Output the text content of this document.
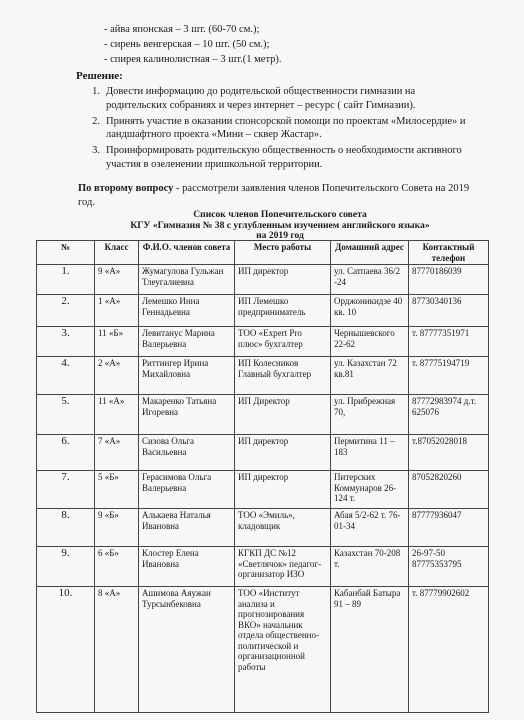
- айва японская – 3 шт. (60-70 см.);
- сирень венгерская – 10 шт. (50 см.);
- спирея калинолистная – 3 шт.(1 метр).
Решение:
1. Довести информацию до родительской общественности гимназии на родительских собраниях и через интернет – ресурс ( сайт Гимназии).
2. Принять участие в оказании спонсорской помощи по проектам «Милосердие» и ландшафтного проекта «Мини – сквер Жастар».
3. Проинформировать родительскую общественность о необходимости активного участия в озеленении пришкольной территории.
По второму вопросу - рассмотрели заявления членов Попечительского Совета на 2019 год.
Список членов Попечительского совета
КГУ «Гимназия № 38 с углубленным изучением английского языка»
на 2019 год
№	Класс	Ф.И.О. членов совета	Место работы	Домашний адрес	Контактный телефон
1.	9 «А»	Жумагулова Гульжан Тлеугалиевна	ИП директор	ул. Сатпаева 36/2 -24	87770186039
2.	1 «А»	Лемешко Инна Геннадьевна	ИП Лемешко предприниматель	Орджоникидзе 40 кв. 10	87730340136
3.	11 «Б»	Левитанус Марина Валерьевна	ТОО «Expert Pro плюс» бухгалтер	Чернышевского 22-62	т. 87777351971
4.	2 «А»	Риттингер Ирина Михайловна	ИП Колесников Главный бухгалтер	ул. Казахстан 72 кв.81	т. 87775194719
5.	11 «А»	Макаренко Татьяна Игоревна	ИП Директор	ул. Прибрежная 70,	87772983974 д.т. 625076
6.	7 «А»	Сизова Ольга Васильевна	ИП директор	Пермитина 11 – 183	т.87052028018
7.	5 «Б»	Герасимова Ольга Валерьевна	ИП директор	Питерских Коммунаров 26-124 т.	87052820260
8.	9 «Б»	Алькаева Наталья Ивановна	ТОО «Эмиль», кладовщик	Абая 5/2-62 т. 76-01-34	87777936047
9.	6 «Б»	Клостер Елена Ивановна	КГКП ДС №12 «Светлячок» педагог-организатор ИЗО	Казахстан 70-208 т.	26-97-50 87775353795
10.	8 «А»	Ашимова Аяужан Турсынбековна	ТОО «Институт анализа и прогнозирования ВКО» начальник отдела общественно-политической и организационной работы	Кабанбай Батыра 91 – 89	т. 87779902602
